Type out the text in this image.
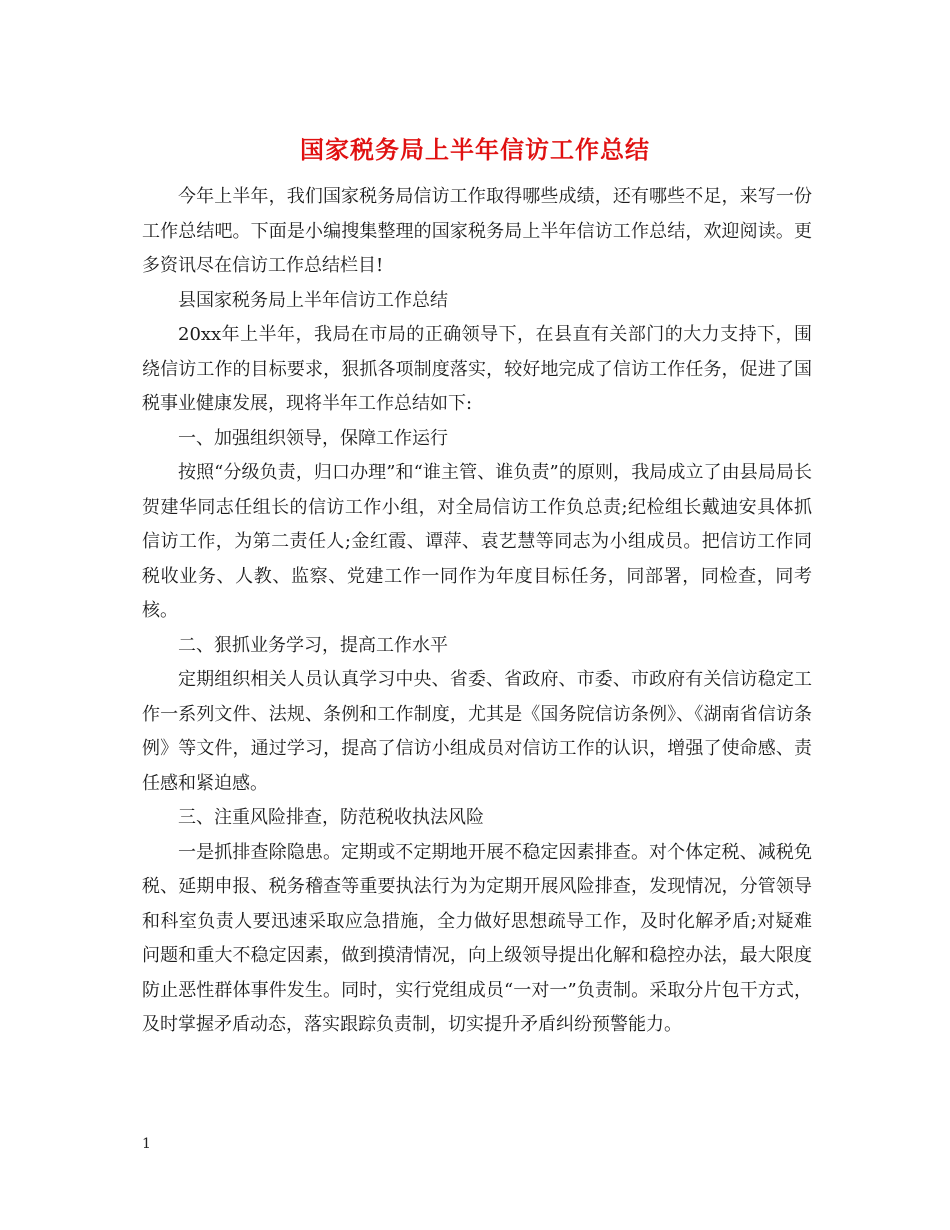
国家税务局上半年信访工作总结

今年上半年，我们国家税务局信访工作取得哪些成绩，还有哪些不足，来写一份工作总结吧。下面是小编搜集整理的国家税务局上半年信访工作总结，欢迎阅读。更多资讯尽在信访工作总结栏目!

县国家税务局上半年信访工作总结

20xx年上半年，我局在市局的正确领导下，在县直有关部门的大力支持下，围绕信访工作的目标要求，狠抓各项制度落实，较好地完成了信访工作任务，促进了国税事业健康发展，现将半年工作总结如下:

一、加强组织领导，保障工作运行

按照“分级负责，归口办理”和“谁主管、谁负责”的原则，我局成立了由县局局长贺建华同志任组长的信访工作小组，对全局信访工作负总责;纪检组长戴迪安具体抓信访工作，为第二责任人;金红霞、谭萍、袁艺慧等同志为小组成员。把信访工作同税收业务、人教、监察、党建工作一同作为年度目标任务，同部署，同检查，同考核。

二、狠抓业务学习，提高工作水平

定期组织相关人员认真学习中央、省委、省政府、市委、市政府有关信访稳定工作一系列文件、法规、条例和工作制度，尤其是《国务院信访条例》、《湖南省信访条例》等文件，通过学习，提高了信访小组成员对信访工作的认识，增强了使命感、责任感和紧迫感。

三、注重风险排查，防范税收执法风险

一是抓排查除隐患。定期或不定期地开展不稳定因素排查。对个体定税、减税免税、延期申报、税务稽查等重要执法行为为定期开展风险排查，发现情况，分管领导和科室负责人要迅速采取应急措施，全力做好思想疏导工作，及时化解矛盾;对疑难问题和重大不稳定因素，做到摸清情况，向上级领导提出化解和稳控办法，最大限度防止恶性群体事件发生。同时，实行党组成员“一对一”负责制。采取分片包干方式，及时掌握矛盾动态，落实跟踪负责制，切实提升矛盾纠纷预警能力。

1
